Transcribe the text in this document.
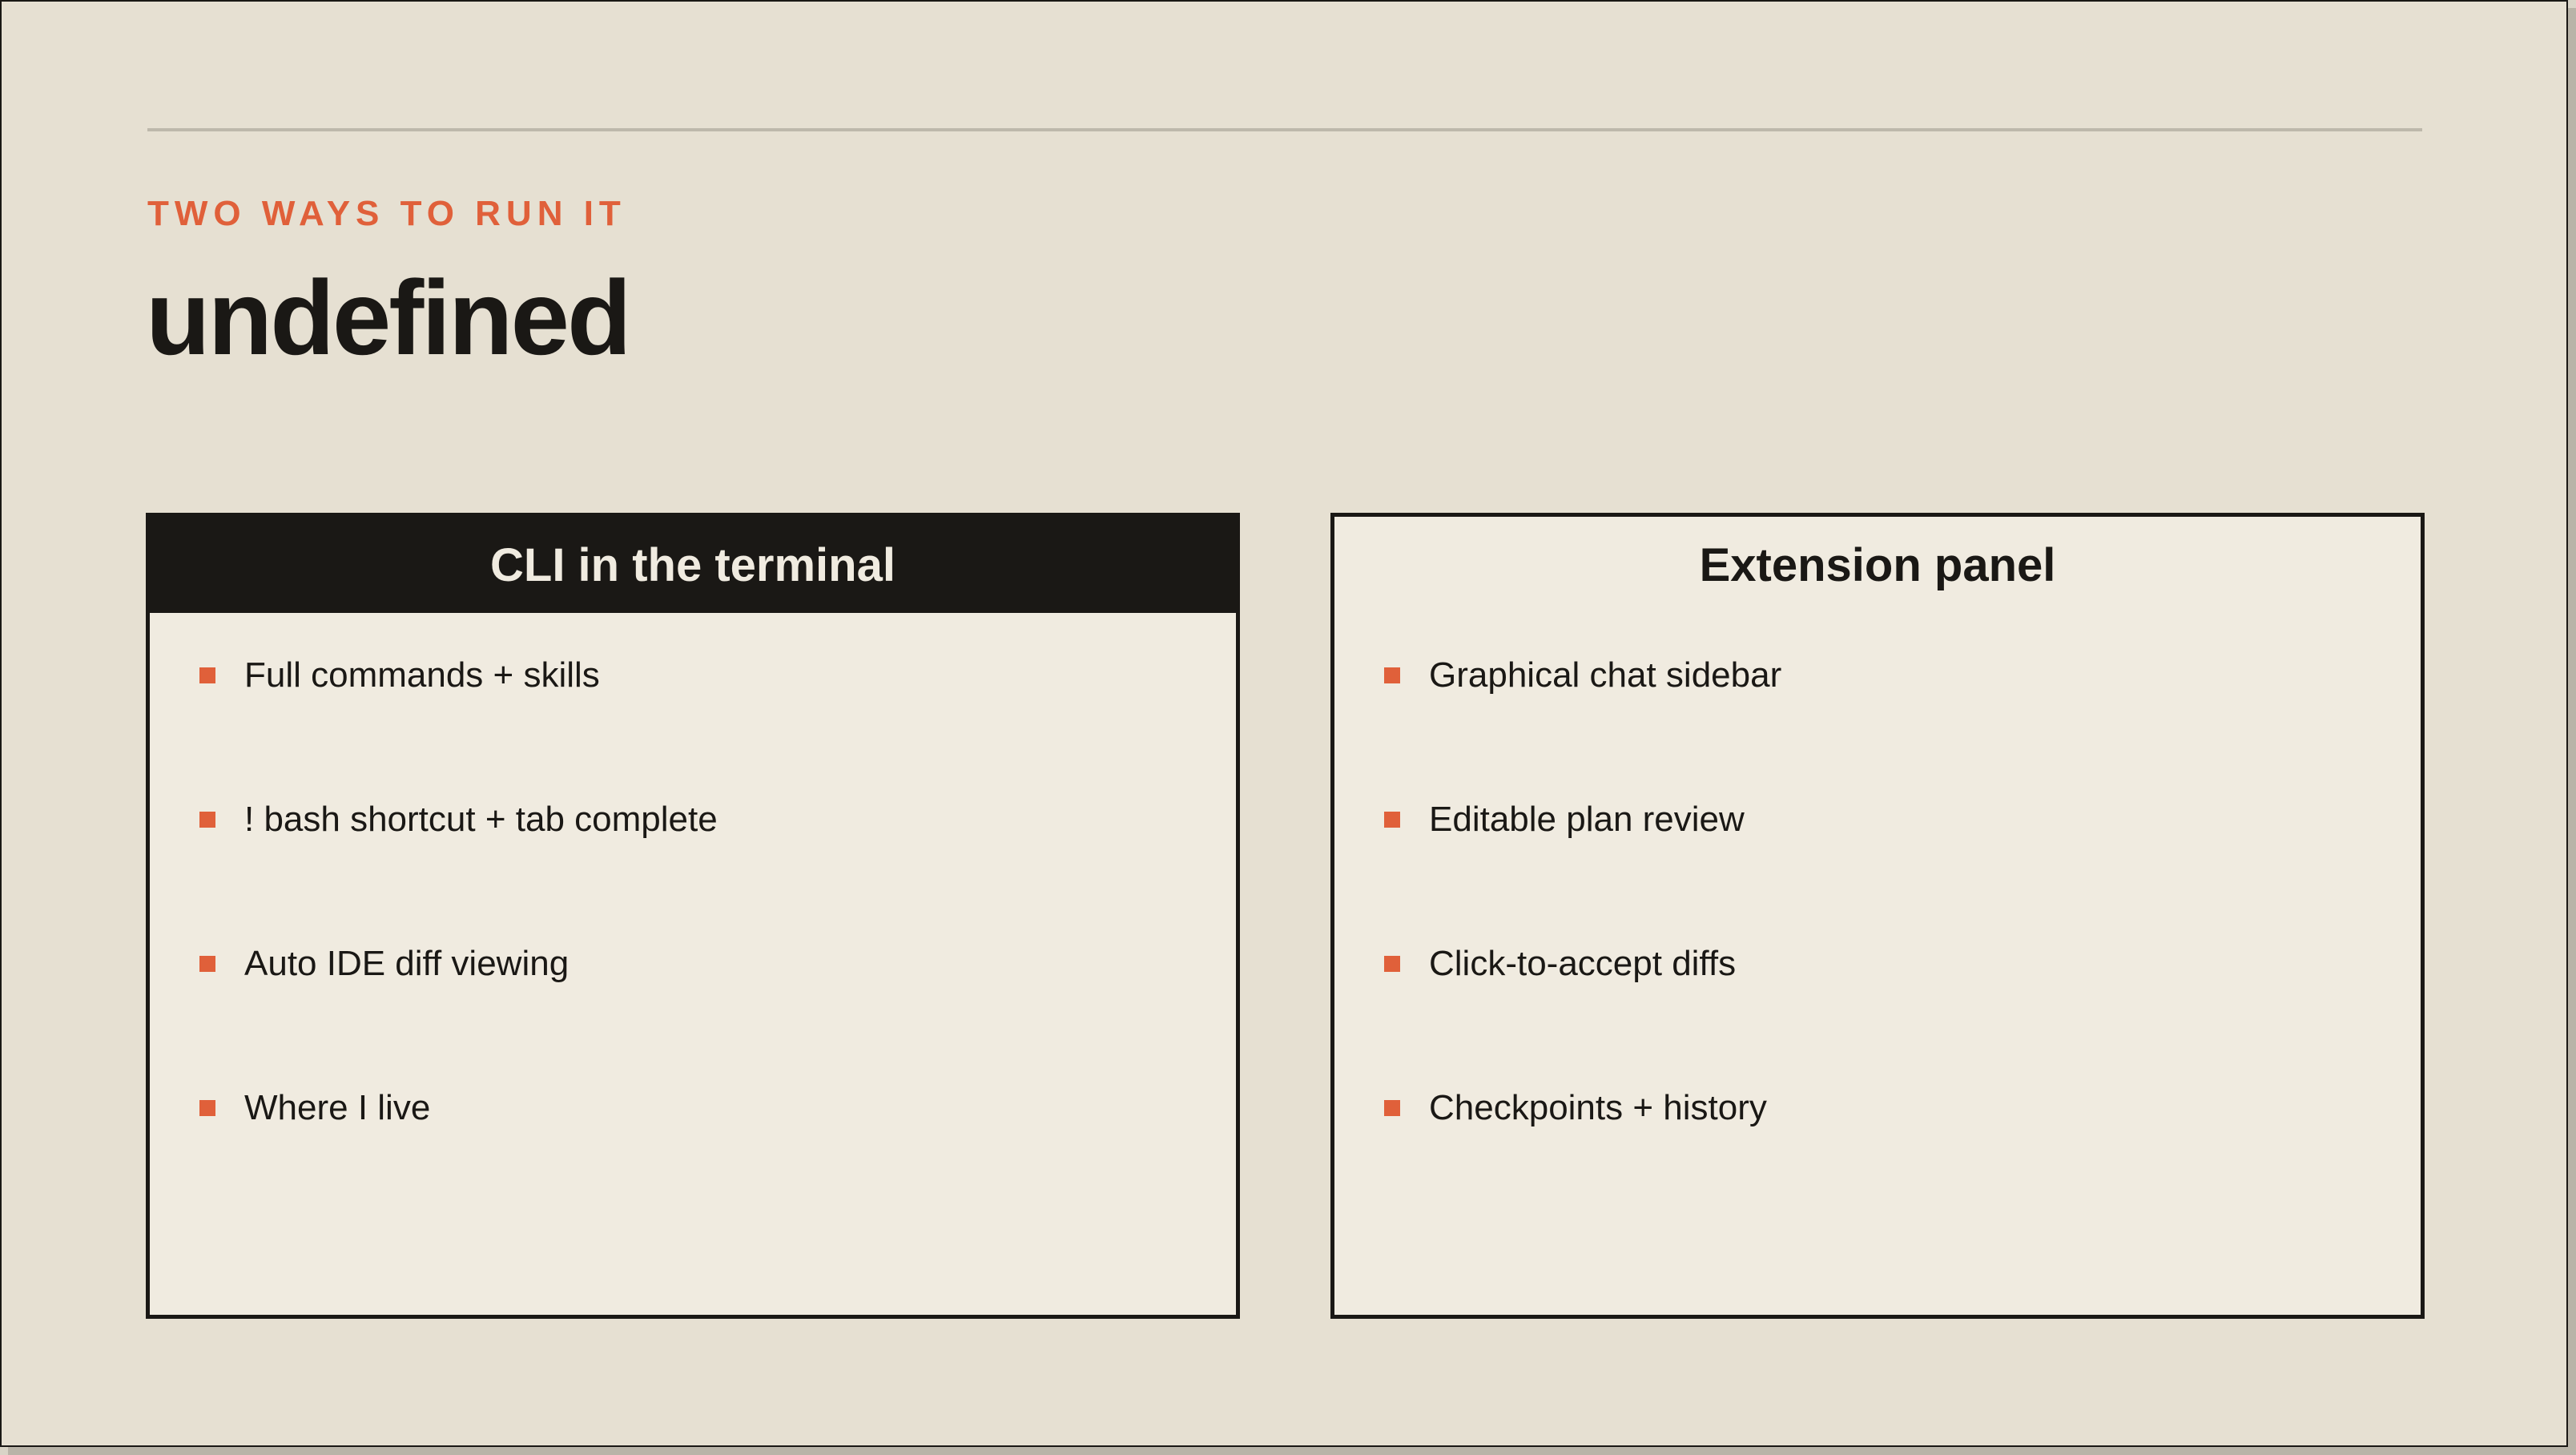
TWO WAYS TO RUN IT
undefined
CLI in the terminal
Full commands + skills
! bash shortcut + tab complete
Auto IDE diff viewing
Where I live
Extension panel
Graphical chat sidebar
Editable plan review
Click-to-accept diffs
Checkpoints + history
